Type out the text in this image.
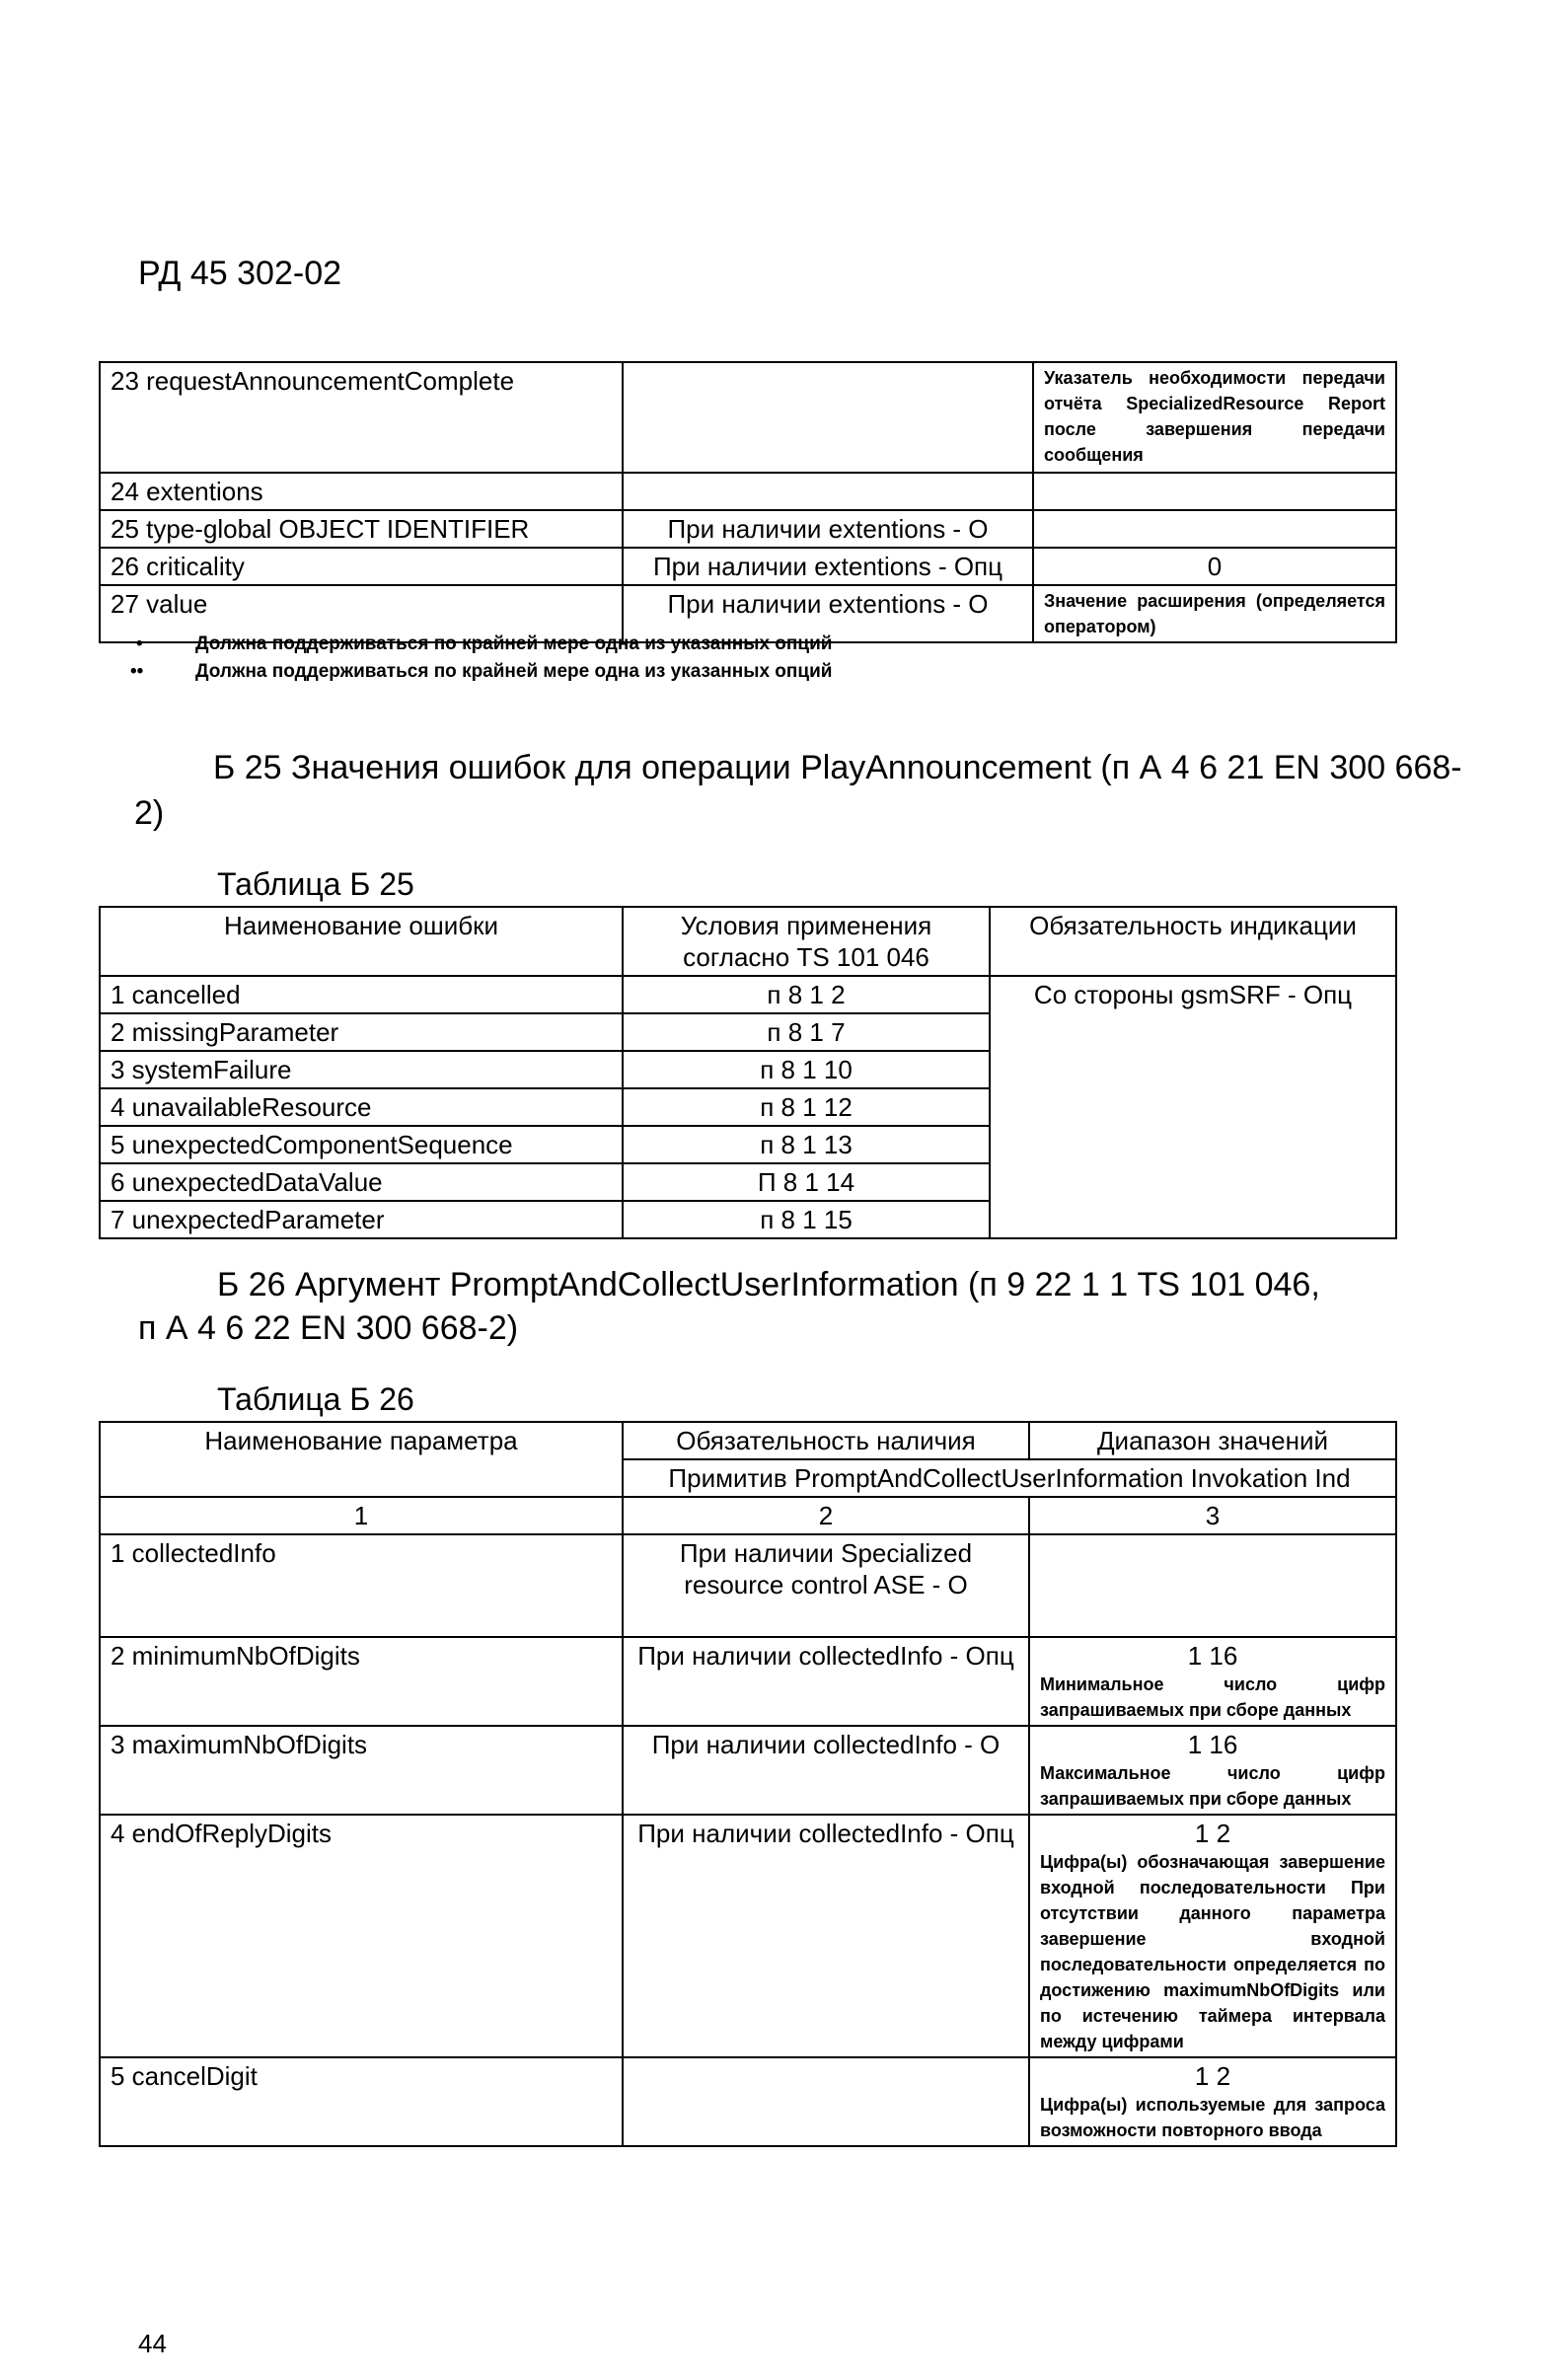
РД 45 302-02
23 requestAnnouncementComplete		Указатель необходимости передачи отчёта SpecializedResource Report после завершения передачи сообщения
24 extentions		
25 type-global OBJECT IDENTIFIER	При наличии extentions - O	
26 criticality	При наличии extentions - Опц	0
27 value	При наличии extentions - O	Значение расширения (определяется оператором)
•	Должна поддерживаться по крайней мере одна из указанных опций
••	Должна поддерживаться по крайней мере одна из указанных опций
Б 25 Значения ошибок для операции PlayAnnouncement (п А 4 6 21 EN 300 668-
2)
Таблица Б 25
Наименование ошибки	Условия применения согласно TS 101 046	Обязательность индикации
1 cancelled	п 8 1 2	Со стороны gsmSRF - Опц
2 missingParameter	п 8 1 7	
3 systemFailure	п 8 1 10	
4 unavailableResource	п 8 1 12	
5 unexpectedComponentSequence	п 8 1 13	
6 unexpectedDataValue	П 8 1 14	
7 unexpectedParameter	п 8 1 15	
Б 26 Аргумент PromptAndCollectUserInformation (п 9 22 1 1 TS 101 046,
п А 4 6 22 EN 300 668-2)
Таблица Б 26
Наименование параметра	Обязательность наличия	Диапазон значений
	Примитив PromptAndCollectUserInformation Invokation Ind	
1	2	3
1 collectedInfo	При наличии Specialized resource control ASE - O	
2 minimumNbOfDigits	При наличии collectedInfo - Опц	1 16
Минимальное число цифр запрашиваемых при сборе данных

3 maximumNbOfDigits	При наличии collectedInfo - O	1 16
Максимальное число цифр запрашиваемых при сборе данных

4 endOfReplyDigits	При наличии collectedInfo - Опц	1 2
Цифра(ы) обозначающая завершение входной последовательности При отсутствии данного параметра завершение входной последовательности определяется по достижению maximumNbOfDigits или по истечению таймера интервала между цифрами

5 cancelDigit		1 2
Цифра(ы) используемые для запроса возможности повторного ввода
44
